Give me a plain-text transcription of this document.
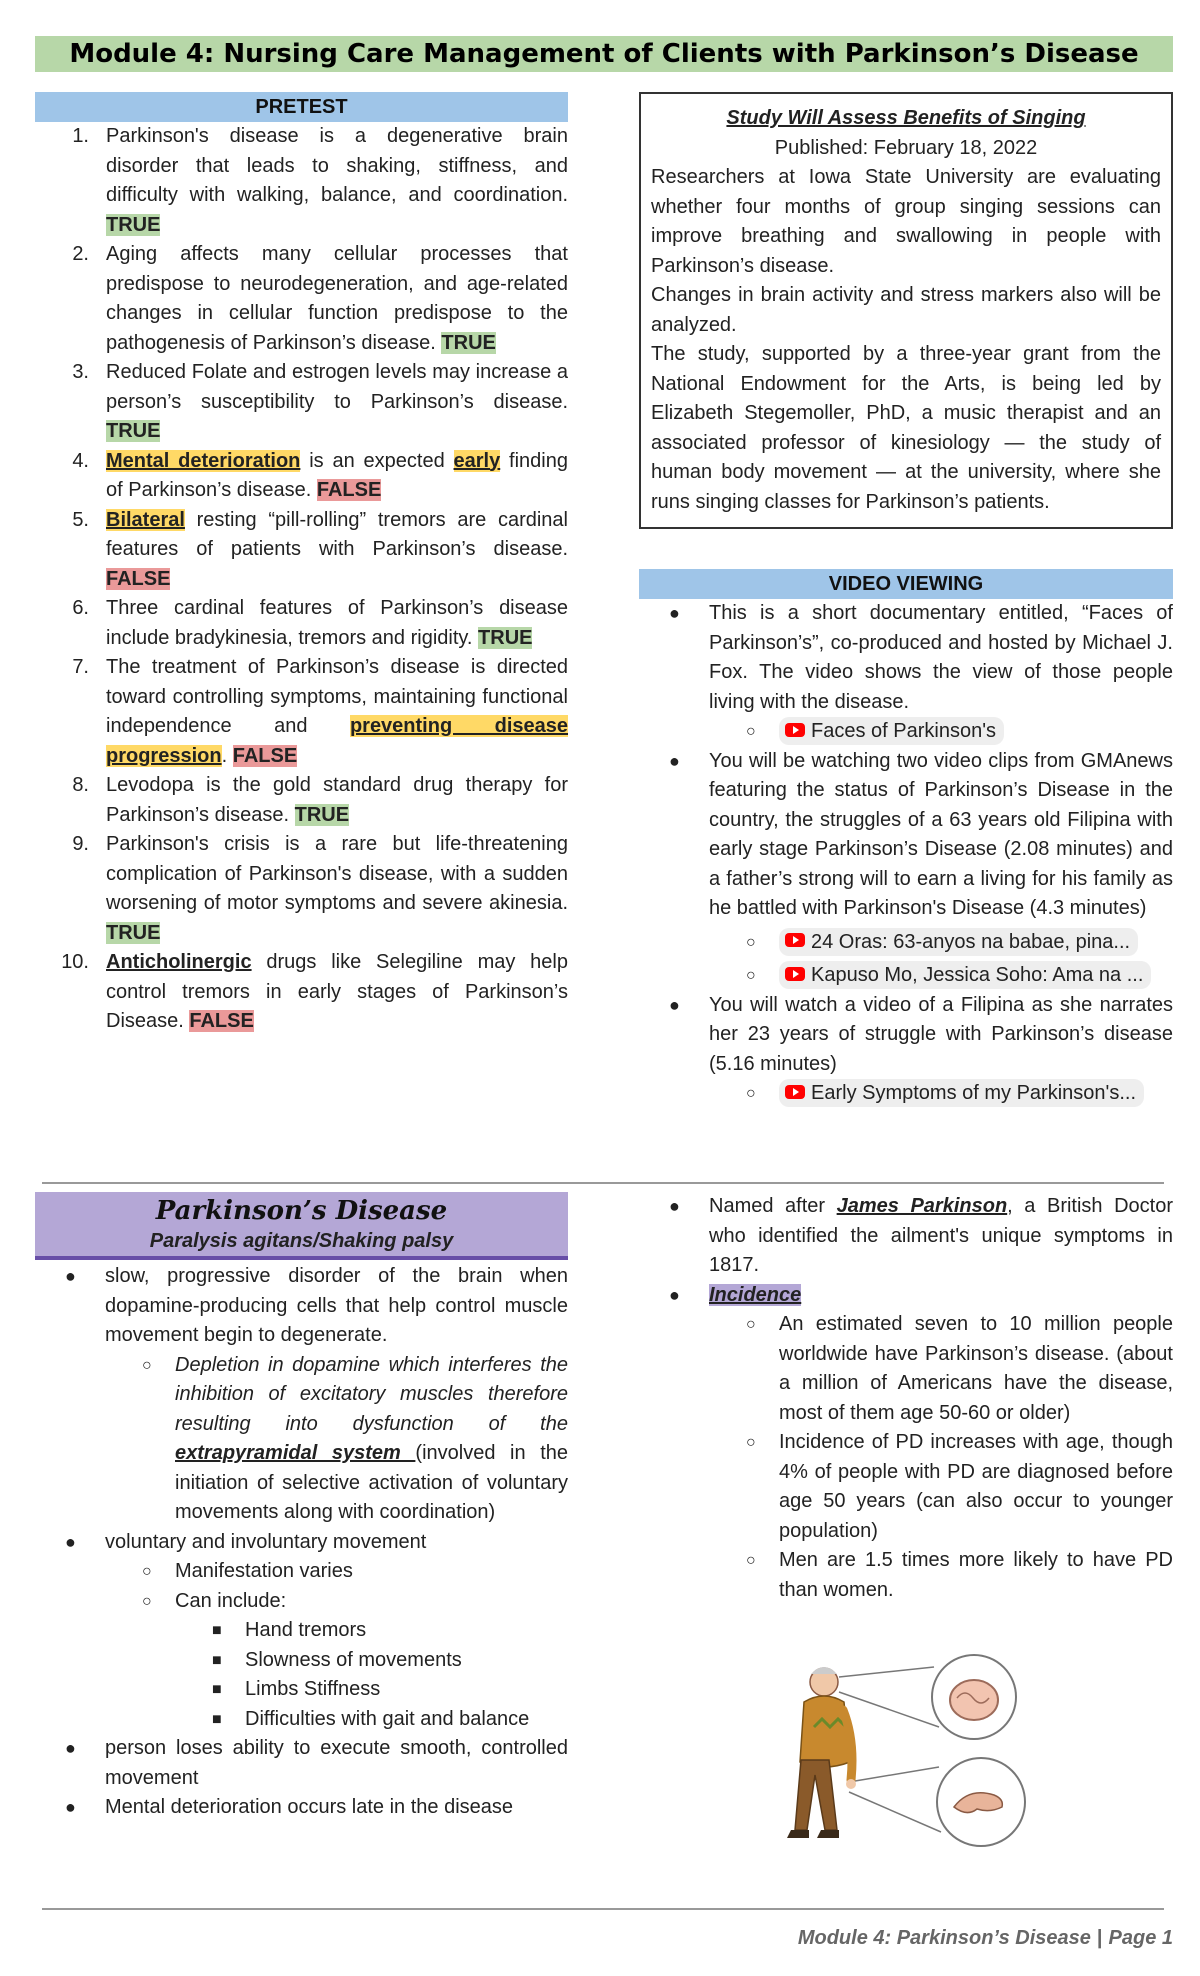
Module 4: Nursing Care Management of Clients with Parkinson’s Disease
PRETEST
1. Parkinson's disease is a degenerative brain disorder that leads to shaking, stiffness, and difficulty with walking, balance, and coordination. TRUE
2. Aging affects many cellular processes that predispose to neurodegeneration, and age-related changes in cellular function predispose to the pathogenesis of Parkinson’s disease. TRUE
3. Reduced Folate and estrogen levels may increase a person’s susceptibility to Parkinson’s disease. TRUE
4. Mental deterioration is an expected early finding of Parkinson’s disease. FALSE
5. Bilateral resting “pill-rolling” tremors are cardinal features of patients with Parkinson’s disease. FALSE
6. Three cardinal features of Parkinson’s disease include bradykinesia, tremors and rigidity. TRUE
7. The treatment of Parkinson’s disease is directed toward controlling symptoms, maintaining functional independence and preventing disease progression. FALSE
8. Levodopa is the gold standard drug therapy for Parkinson’s disease. TRUE
9. Parkinson's crisis is a rare but life-threatening complication of Parkinson's disease, with a sudden worsening of motor symptoms and severe akinesia. TRUE
10. Anticholinergic drugs like Selegiline may help control tremors in early stages of Parkinson’s Disease. FALSE
Study Will Assess Benefits of Singing
Published: February 18, 2022

Researchers at Iowa State University are evaluating whether four months of group singing sessions can improve breathing and swallowing in people with Parkinson’s disease.

Changes in brain activity and stress markers also will be analyzed.

The study, supported by a three-year grant from the National Endowment for the Arts, is being led by Elizabeth Stegemoller, PhD, a music therapist and an associated professor of kinesiology — the study of human body movement — at the university, where she runs singing classes for Parkinson’s patients.

VIDEO VIEWING
● This is a short documentary entitled, “Faces of Parkinson’s”, co-produced and hosted by Michael J. Fox. The video shows the view of those people living with the disease.
○	Faces of Parkinson's
● You will be watching two video clips from GMAnews featuring the status of Parkinson’s Disease in the country, the struggles of a 63 years old Filipina with early stage Parkinson’s Disease (2.08 minutes) and a father’s strong will to earn a living for his family as he battled with Parkinson's Disease (4.3 minutes)
○	24 Oras: 63-anyos na babae, pina...
○	Kapuso Mo, Jessica Soho: Ama na ...
● You will watch a video of a Filipina as she narrates her 23 years of struggle with Parkinson’s disease (5.16 minutes)
○	Early Symptoms of my Parkinson's...
Parkinson’s Disease
Paralysis agitans/Shaking palsy
● slow, progressive disorder of the brain when dopamine-producing cells that help control muscle movement begin to degenerate.
○ Depletion in dopamine which interferes the inhibition of excitatory muscles therefore resulting into dysfunction of the extrapyramidal system (involved in the initiation of selective activation of voluntary movements along with coordination)
● voluntary and involuntary movement
○ Manifestation varies
○ Can include:
■ Hand tremors
■ Slowness of movements
■ Limbs Stiffness
■ Difficulties with gait and balance
● person loses ability to execute smooth, controlled movement
● Mental deterioration occurs late in the disease
● Named after James Parkinson, a British Doctor who identified the ailment's unique symptoms in 1817.
● Incidence
○ An estimated seven to 10 million people worldwide have Parkinson’s disease. (about a million of Americans have the disease, most of them age 50-60 or older)
○ Incidence of PD increases with age, though 4% of people with PD are diagnosed before age 50 years (can also occur to younger population)
○ Men are 1.5 times more likely to have PD than women.
Module 4: Parkinson’s Disease | Page 1
